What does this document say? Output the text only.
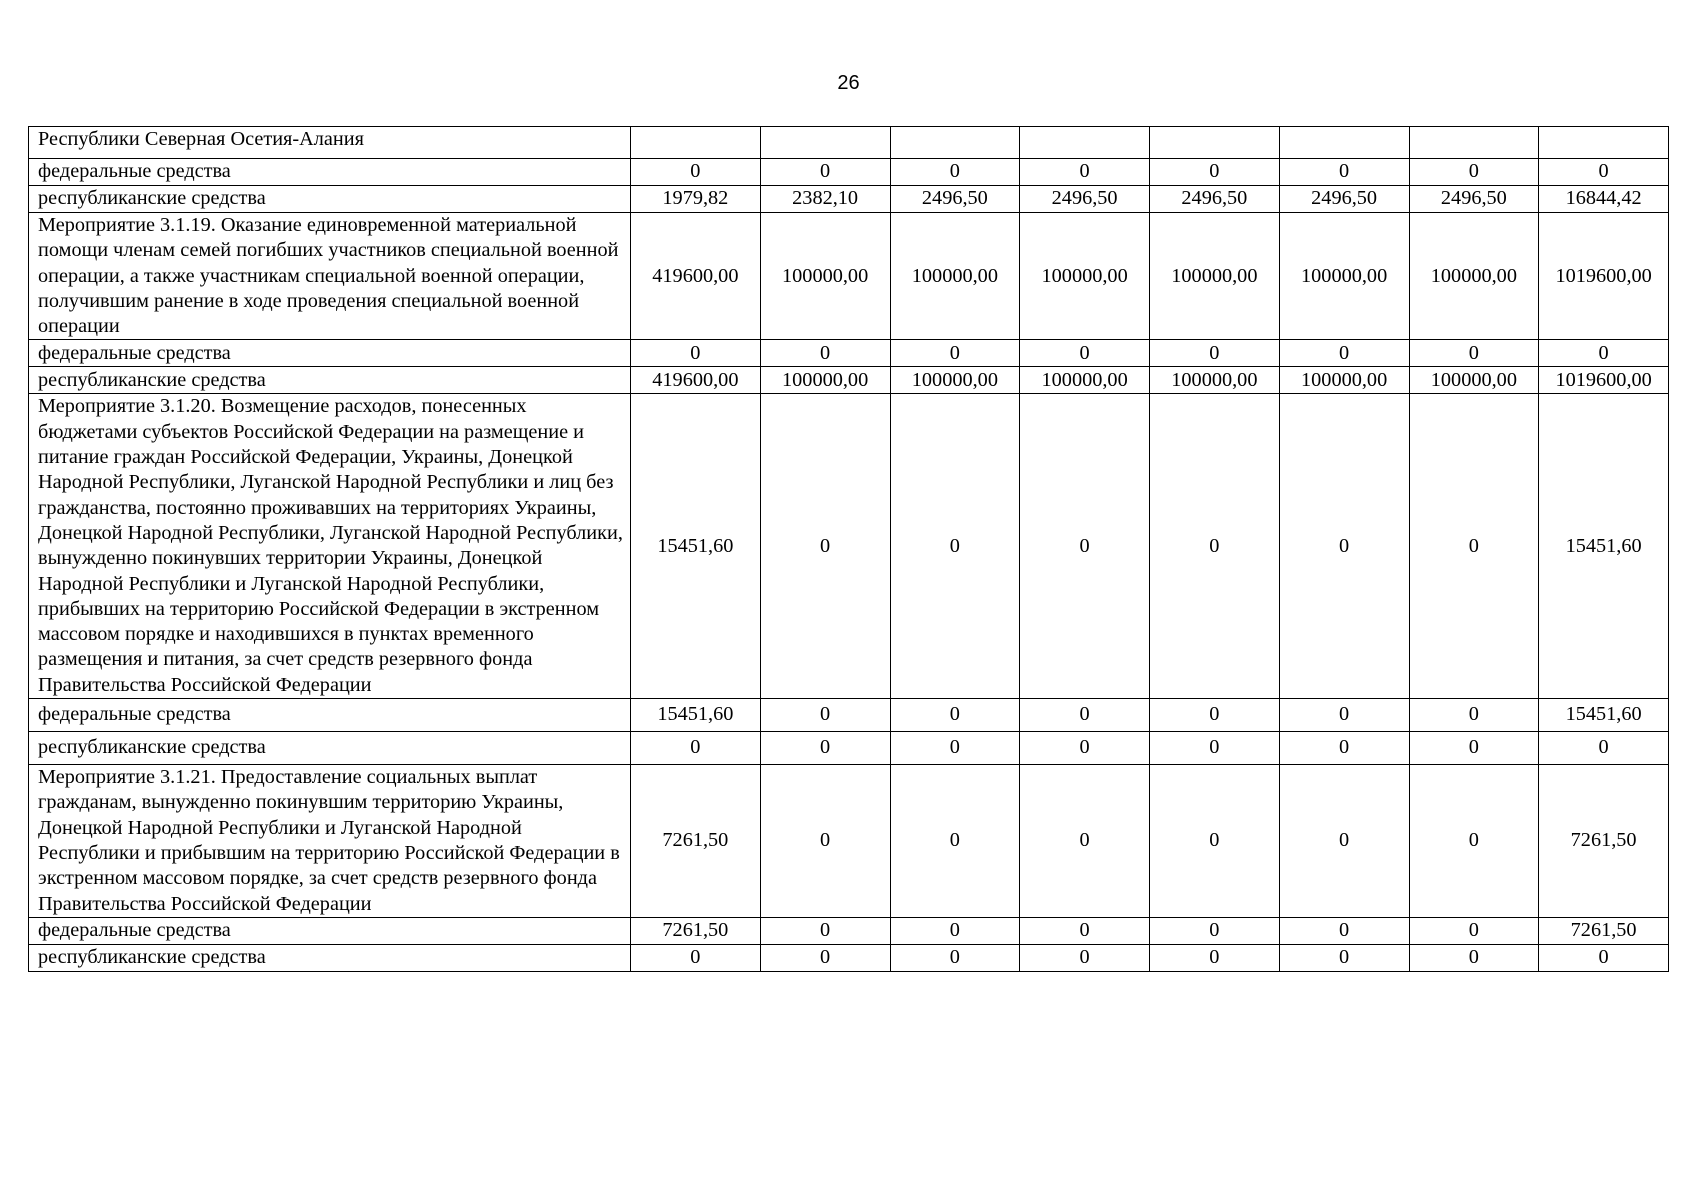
26
Республики Северная Осетия-Алания								
федеральные средства	0	0	0	0	0	0	0	0
республиканские средства	1979,82	2382,10	2496,50	2496,50	2496,50	2496,50	2496,50	16844,42
Мероприятие 3.1.19. Оказание единовременной материальной помощи членам семей погибших участников специальной военной операции, а также участникам специальной военной операции, получившим ранение в ходе проведения специальной военной операции	419600,00	100000,00	100000,00	100000,00	100000,00	100000,00	100000,00	1019600,00
федеральные средства	0	0	0	0	0	0	0	0
республиканские средства	419600,00	100000,00	100000,00	100000,00	100000,00	100000,00	100000,00	1019600,00
Мероприятие 3.1.20. Возмещение расходов, понесенных бюджетами субъектов Российской Федерации на размещение и питание граждан Российской Федерации, Украины, Донецкой Народной Республики, Луганской Народной Республики и лиц без гражданства, постоянно проживавших на территориях Украины, Донецкой Народной Республики, Луганской Народной Республики, вынужденно покинувших территории Украины, Донецкой Народной Республики и Луганской Народной Республики, прибывших на территорию Российской Федерации в экстренном массовом порядке и находившихся в пунктах временного размещения и питания, за счет средств резервного фонда Правительства Российской Федерации	15451,60	0	0	0	0	0	0	15451,60
федеральные средства	15451,60	0	0	0	0	0	0	15451,60
республиканские средства	0	0	0	0	0	0	0	0
Мероприятие 3.1.21. Предоставление социальных выплат гражданам, вынужденно покинувшим территорию Украины, Донецкой Народной Республики и Луганской Народной Республики и прибывшим на территорию Российской Федерации в экстренном массовом порядке, за счет средств резервного фонда Правительства Российской Федерации	7261,50	0	0	0	0	0	0	7261,50
федеральные средства	7261,50	0	0	0	0	0	0	7261,50
республиканские средства	0	0	0	0	0	0	0	0
